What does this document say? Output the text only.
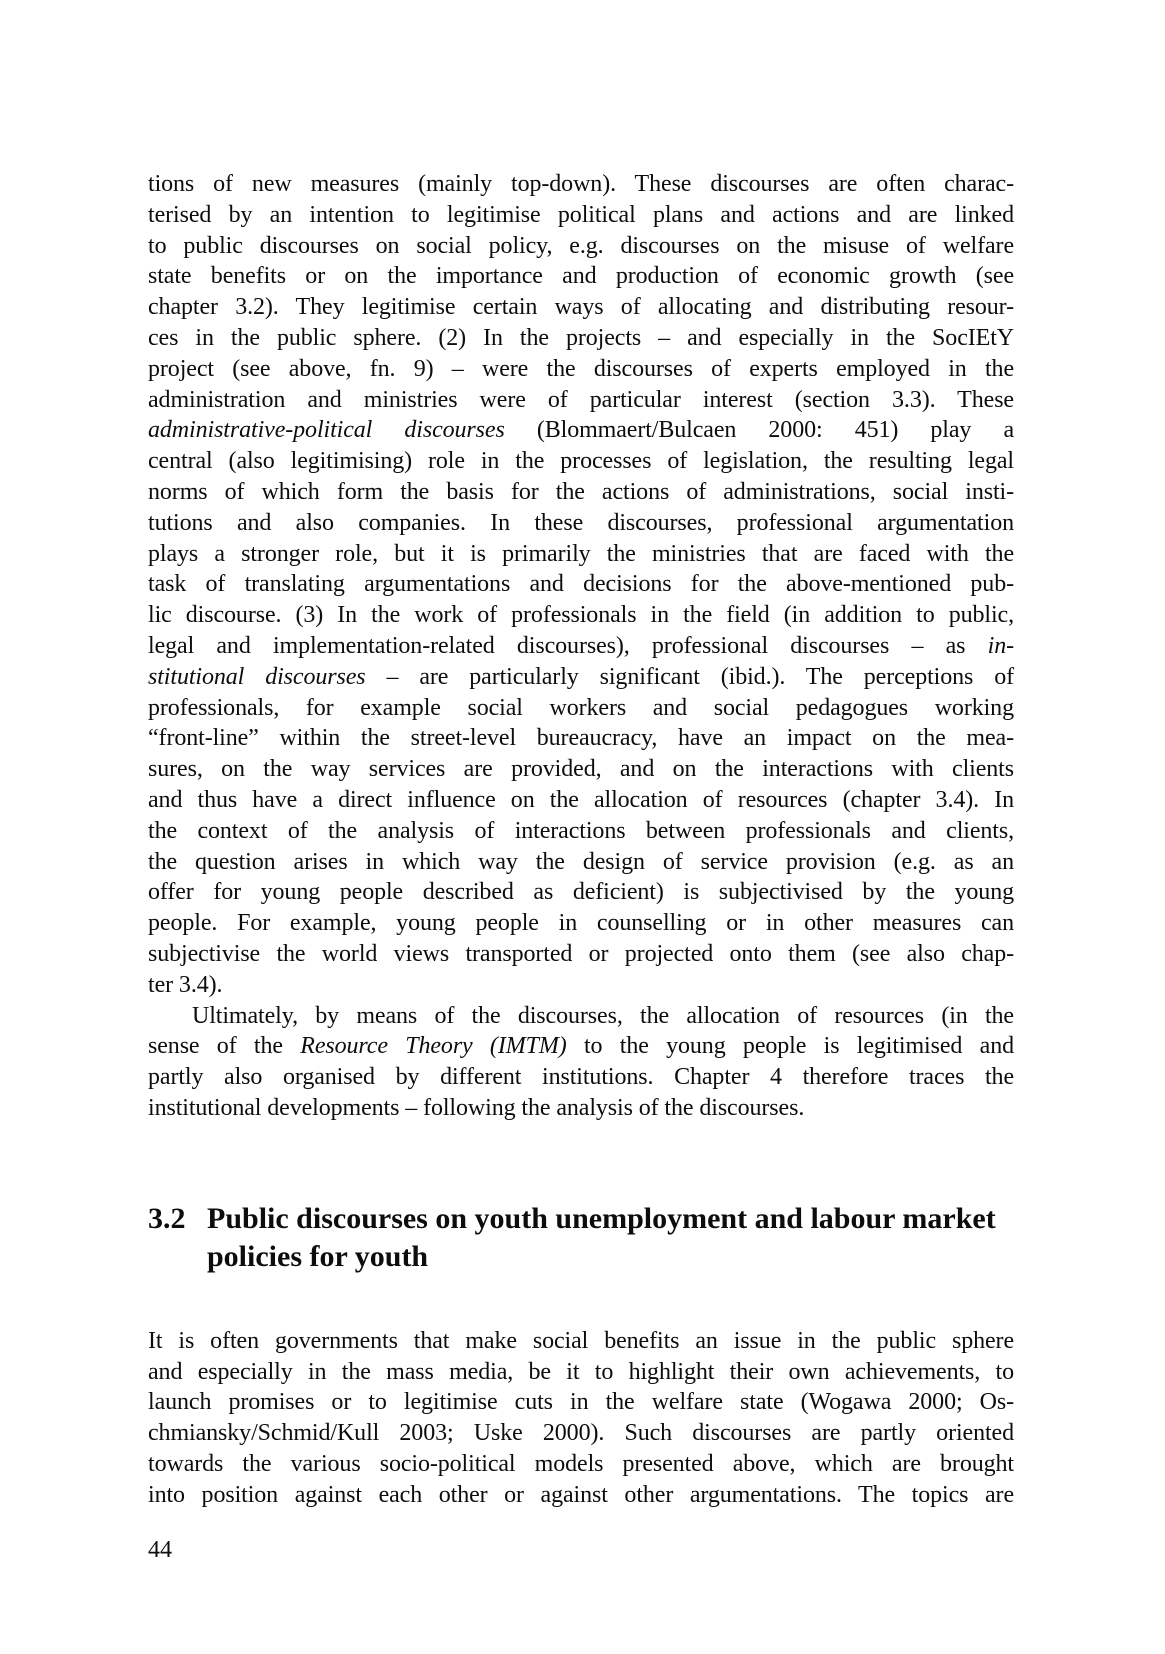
tions of new measures (mainly top-down). These discourses are often charac-
terised by an intention to legitimise political plans and actions and are linked
to public discourses on social policy, e.g. discourses on the misuse of welfare
state benefits or on the importance and production of economic growth (see
chapter 3.2). They legitimise certain ways of allocating and distributing resour-
ces in the public sphere. (2) In the projects – and especially in the SocIEtY
project (see above, fn. 9) – were the discourses of experts employed in the
administration and ministries were of particular interest (section 3.3). These
administrative-political discourses (Blommaert/Bulcaen 2000: 451) play a
central (also legitimising) role in the processes of legislation, the resulting legal
norms of which form the basis for the actions of administrations, social insti-
tutions and also companies. In these discourses, professional argumentation
plays a stronger role, but it is primarily the ministries that are faced with the
task of translating argumentations and decisions for the above-mentioned pub-
lic discourse. (3) In the work of professionals in the field (in addition to public,
legal and implementation-related discourses), professional discourses – as in-
stitutional discourses – are particularly significant (ibid.). The perceptions of
professionals, for example social workers and social pedagogues working
“front-line” within the street-level bureaucracy, have an impact on the mea-
sures, on the way services are provided, and on the interactions with clients
and thus have a direct influence on the allocation of resources (chapter 3.4). In
the context of the analysis of interactions between professionals and clients,
the question arises in which way the design of service provision (e.g. as an
offer for young people described as deficient) is subjectivised by the young
people. For example, young people in counselling or in other measures can
subjectivise the world views transported or projected onto them (see also chap-
ter 3.4).
Ultimately, by means of the discourses, the allocation of resources (in the
sense of the Resource Theory (IMTM) to the young people is legitimised and
partly also organised by different institutions. Chapter 4 therefore traces the
institutional developments – following the analysis of the discourses.
3.2 Public discourses on youth unemployment and labour market policies for youth
It is often governments that make social benefits an issue in the public sphere
and especially in the mass media, be it to highlight their own achievements, to
launch promises or to legitimise cuts in the welfare state (Wogawa 2000; Os-
chmiansky/Schmid/Kull 2003; Uske 2000). Such discourses are partly oriented
towards the various socio-political models presented above, which are brought
into position against each other or against other argumentations. The topics are
44
